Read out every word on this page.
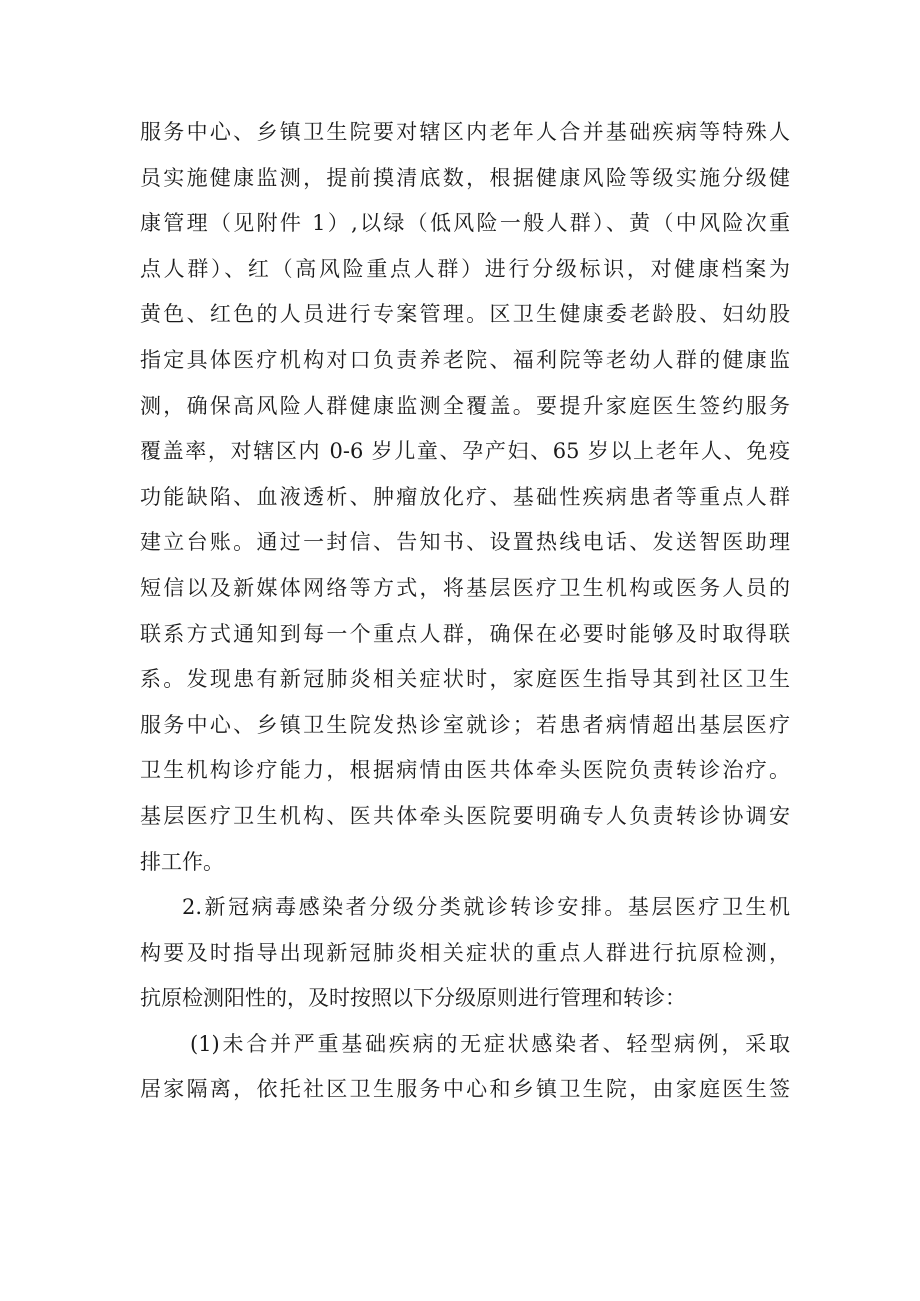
服务中心、乡镇卫生院要对辖区内老年人合并基础疾病等特殊人
员实施健康监测，提前摸清底数，根据健康风险等级实施分级健
康管理（见附件 1）,以绿（低风险一般人群）、黄（中风险次重
点人群）、红（高风险重点人群）进行分级标识，对健康档案为
黄色、红色的人员进行专案管理。区卫生健康委老龄股、妇幼股
指定具体医疗机构对口负责养老院、福利院等老幼人群的健康监
测，确保高风险人群健康监测全覆盖。要提升家庭医生签约服务
覆盖率，对辖区内 0-6 岁儿童、孕产妇、65 岁以上老年人、免疫
功能缺陷、血液透析、肿瘤放化疗、基础性疾病患者等重点人群
建立台账。通过一封信、告知书、设置热线电话、发送智医助理
短信以及新媒体网络等方式，将基层医疗卫生机构或医务人员的
联系方式通知到每一个重点人群，确保在必要时能够及时取得联
系。发现患有新冠肺炎相关症状时，家庭医生指导其到社区卫生
服务中心、乡镇卫生院发热诊室就诊；若患者病情超出基层医疗
卫生机构诊疗能力，根据病情由医共体牵头医院负责转诊治疗。
基层医疗卫生机构、医共体牵头医院要明确专人负责转诊协调安
排工作。
2.新冠病毒感染者分级分类就诊转诊安排。基层医疗卫生机
构要及时指导出现新冠肺炎相关症状的重点人群进行抗原检测，
抗原检测阳性的，及时按照以下分级原则进行管理和转诊：
(1)未合并严重基础疾病的无症状感染者、轻型病例，采取
居家隔离，依托社区卫生服务中心和乡镇卫生院，由家庭医生签
